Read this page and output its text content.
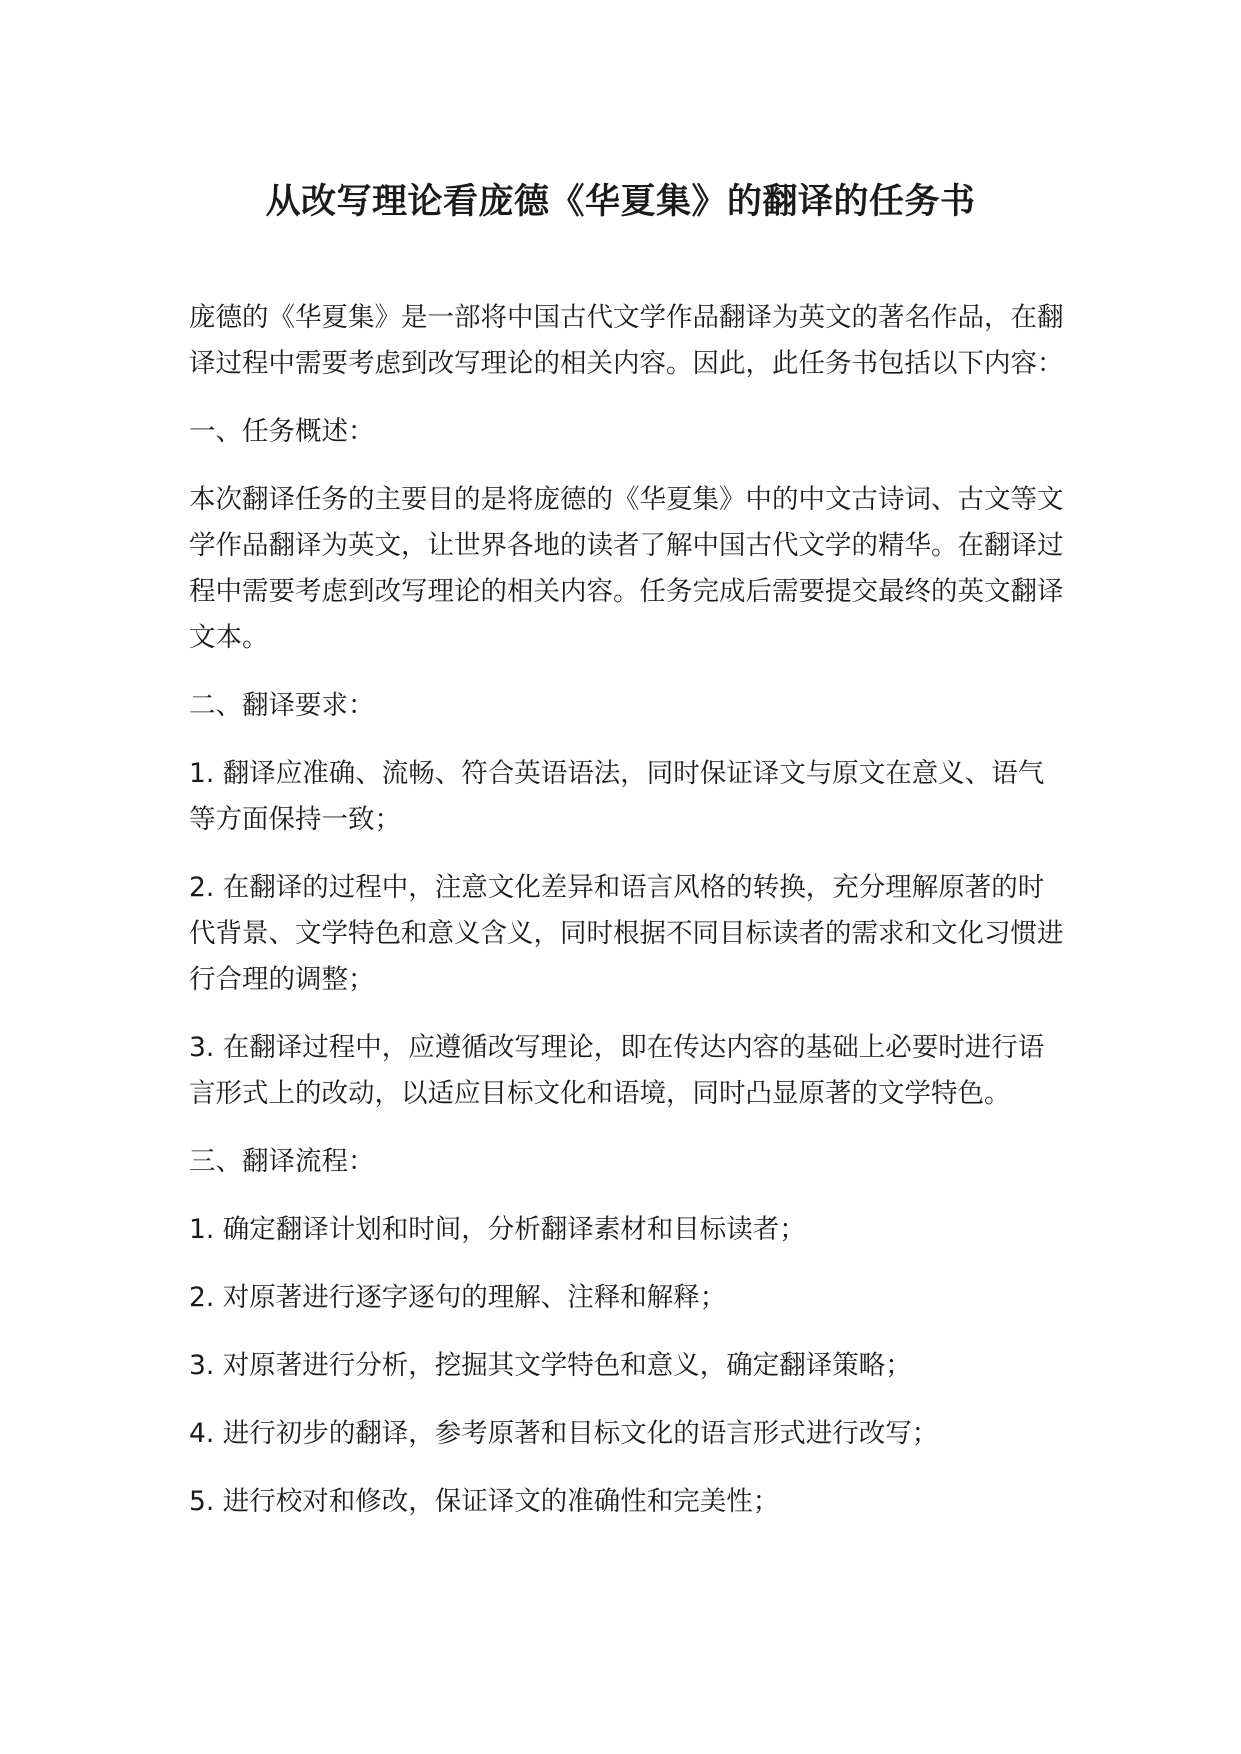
从改写理论看庞德《华夏集》的翻译的任务书

庞德的《华夏集》是一部将中国古代文学作品翻译为英文的著名作品，在翻译过程中需要考虑到改写理论的相关内容。因此，此任务书包括以下内容：

一、任务概述：

本次翻译任务的主要目的是将庞德的《华夏集》中的中文古诗词、古文等文学作品翻译为英文，让世界各地的读者了解中国古代文学的精华。在翻译过程中需要考虑到改写理论的相关内容。任务完成后需要提交最终的英文翻译文本。

二、翻译要求：

1. 翻译应准确、流畅、符合英语语法，同时保证译文与原文在意义、语气等方面保持一致；

2. 在翻译的过程中，注意文化差异和语言风格的转换，充分理解原著的时代背景、文学特色和意义含义，同时根据不同目标读者的需求和文化习惯进行合理的调整；

3. 在翻译过程中，应遵循改写理论，即在传达内容的基础上必要时进行语言形式上的改动，以适应目标文化和语境，同时凸显原著的文学特色。

三、翻译流程：

1. 确定翻译计划和时间，分析翻译素材和目标读者；

2. 对原著进行逐字逐句的理解、注释和解释；

3. 对原著进行分析，挖掘其文学特色和意义，确定翻译策略；

4. 进行初步的翻译，参考原著和目标文化的语言形式进行改写；

5. 进行校对和修改，保证译文的准确性和完美性；
